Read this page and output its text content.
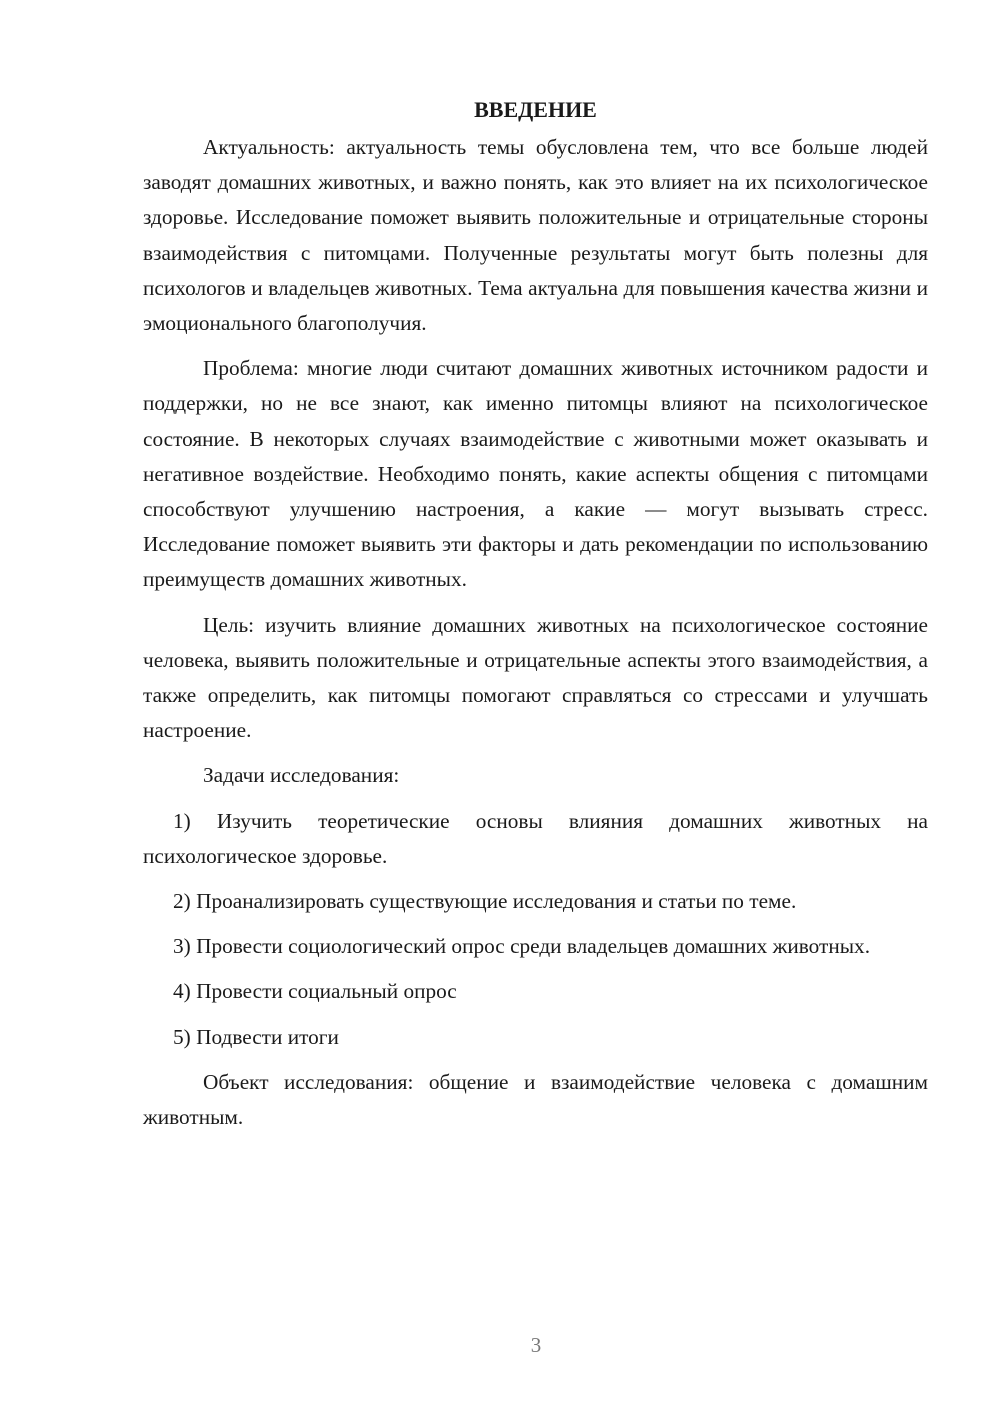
ВВЕДЕНИЕ

Актуальность: актуальность темы обусловлена тем, что все больше людей заводят домашних животных, и важно понять, как это влияет на их психологическое здоровье. Исследование поможет выявить положительные и отрицательные стороны взаимодействия с питомцами. Полученные результаты могут быть полезны для психологов и владельцев животных. Тема актуальна для повышения качества жизни и эмоционального благополучия.

Проблема: многие люди считают домашних животных источником радости и поддержки, но не все знают, как именно питомцы влияют на психологическое состояние. В некоторых случаях взаимодействие с животными может оказывать и негативное воздействие. Необходимо понять, какие аспекты общения с питомцами способствуют улучшению настроения, а какие — могут вызывать стресс. Исследование поможет выявить эти факторы и дать рекомендации по использованию преимуществ домашних животных.

Цель: изучить влияние домашних животных на психологическое состояние человека, выявить положительные и отрицательные аспекты этого взаимодействия, а также определить, как питомцы помогают справляться со стрессами и улучшать настроение.

Задачи исследования:

1) Изучить теоретические основы влияния домашних животных на психологическое здоровье.

2) Проанализировать существующие исследования и статьи по теме.

3) Провести социологический опрос среди владельцев домашних животных.

4) Провести социальный опрос

5) Подвести итоги

Объект исследования: общение и взаимодействие человека с домашним животным.

3
